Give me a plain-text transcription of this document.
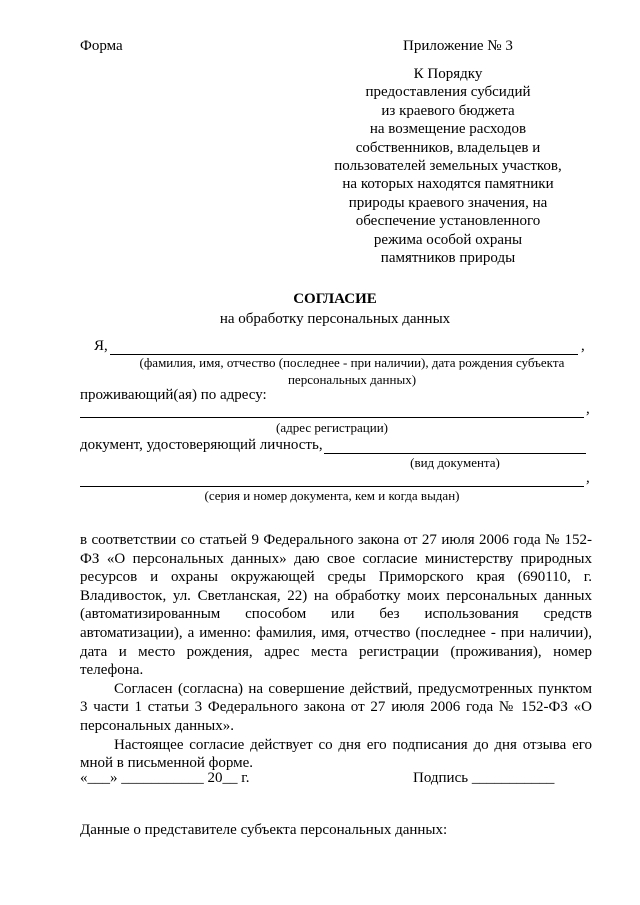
Форма	Приложение № 3
К Порядку
предоставления субсидий
из краевого бюджета
на возмещение расходов
собственников, владельцев и
пользователей земельных участков,
на которых находятся памятники
природы краевого значения, на
обеспечение установленного
режима особой охраны
памятников природы
СОГЛАСИЕ
на обработку персональных данных
Я,	,
(фамилия, имя, отчество (последнее - при наличии), дата рождения субъекта
персональных данных)
проживающий(ая) по адресу:
,
(адрес регистрации)
документ, удостоверяющий личность,
(вид документа)
,
(серия и номер документа, кем и когда выдан)

в соответствии со статьей 9 Федерального закона от 27 июля 2006 года № 152-ФЗ «О персональных данных» даю свое согласие министерству природных ресурсов и охраны окружающей среды Приморского края (690110, г. Владивосток, ул. Светланская, 22) на обработку моих персональных данных (автоматизированным способом или без использования средств автоматизации), а именно: фамилия, имя, отчество (последнее - при наличии), дата и место рождения, адрес места регистрации (проживания), номер

телефона.

Согласен (согласна) на совершение действий, предусмотренных пунктом 3 части 1 статьи 3 Федерального закона от 27 июля 2006 года № 152-ФЗ «О персональных данных».

Настоящее согласие действует со дня его подписания до дня отзыва его мной в письменной форме.

«___» ___________ 20__ г.	Подпись ___________
Данные о представителе субъекта персональных данных:
